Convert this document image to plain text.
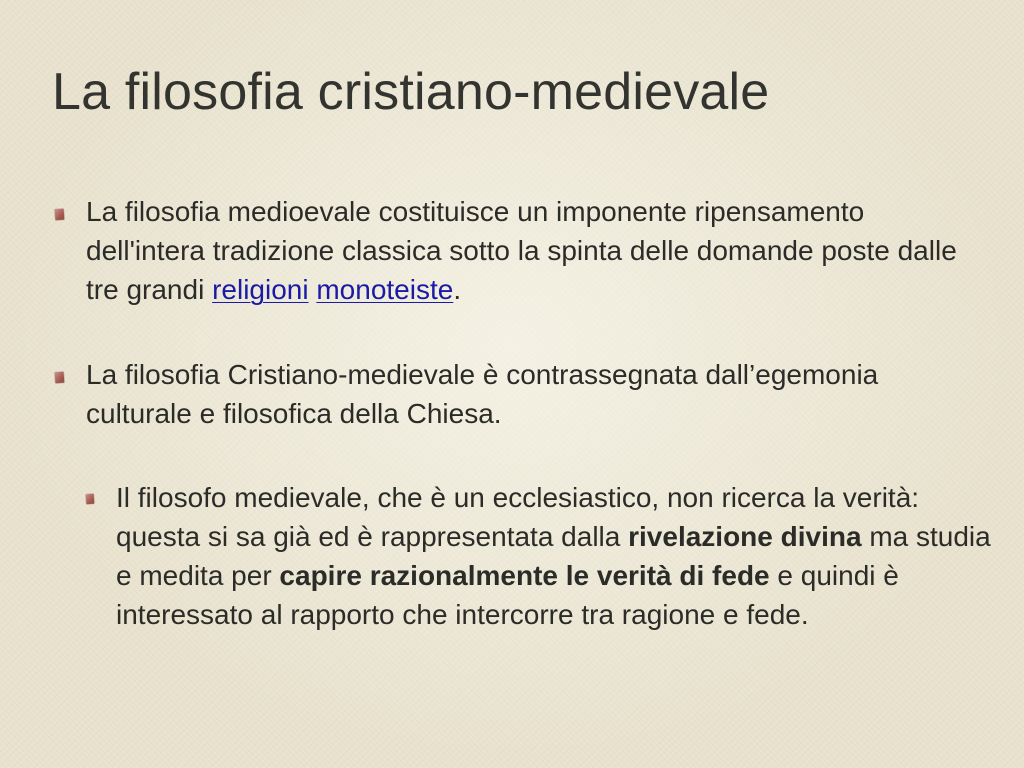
La filosofia cristiano-medievale
La filosofia medioevale costituisce un imponente ripensamento dell'intera tradizione classica sotto la spinta delle domande poste dalle tre grandi religioni monoteiste.
La filosofia Cristiano-medievale è contrassegnata dall’egemonia culturale e filosofica della Chiesa.
Il filosofo medievale, che è un ecclesiastico, non ricerca la verità: questa si sa già ed è rappresentata dalla rivelazione divina ma studia e medita per capire razionalmente le verità di fede e quindi è interessato al rapporto che intercorre tra ragione e fede.
